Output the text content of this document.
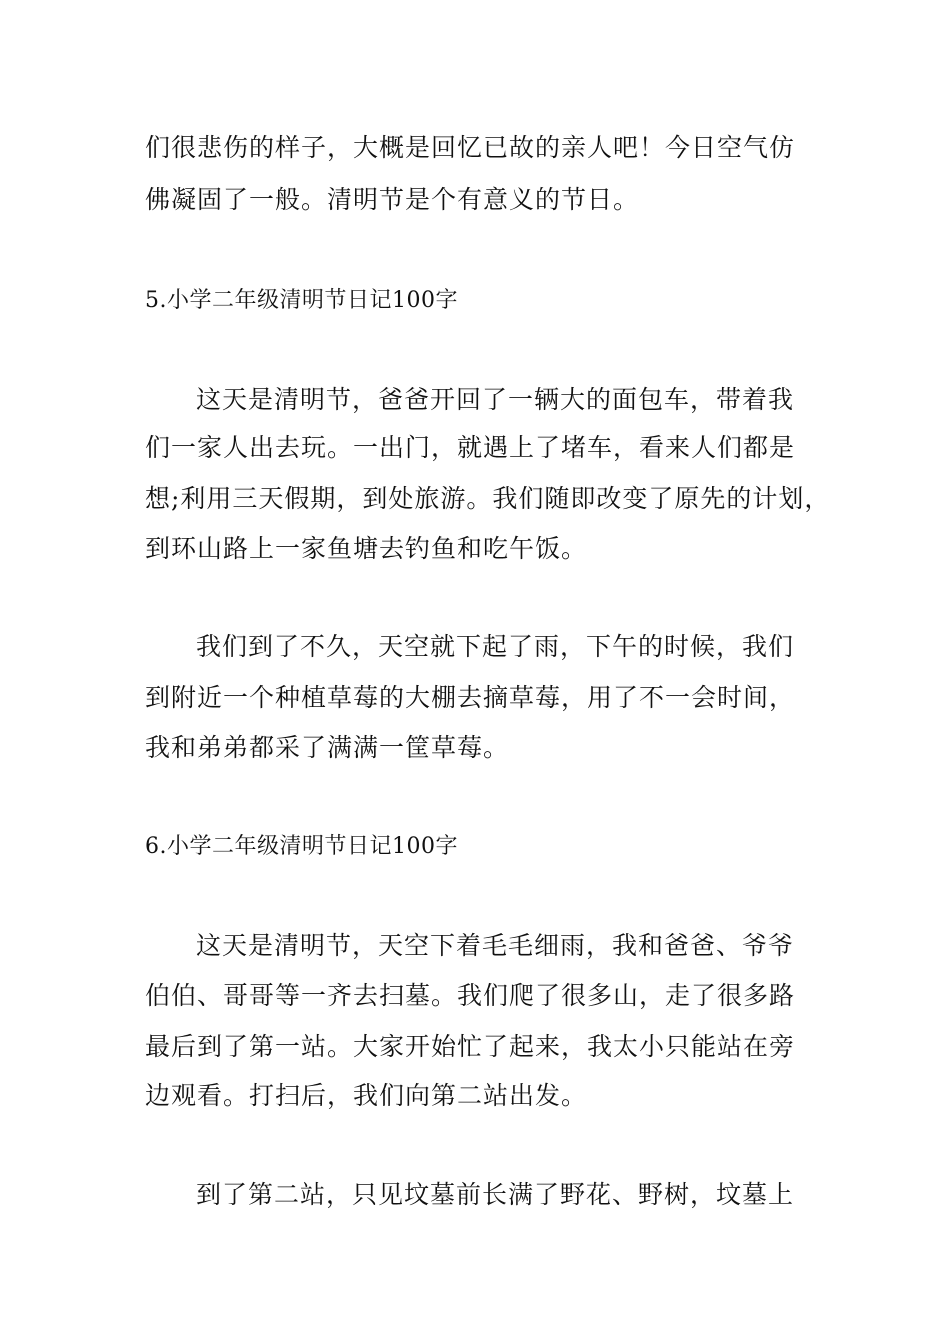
们很悲伤的样子，大概是回忆已故的亲人吧！今日空气仿
佛凝固了一般。清明节是个有意义的节日。
5.小学二年级清明节日记100字
这天是清明节，爸爸开回了一辆大的面包车，带着我
们一家人出去玩。一出门，就遇上了堵车，看来人们都是
想;利用三天假期，到处旅游。我们随即改变了原先的计划，
到环山路上一家鱼塘去钓鱼和吃午饭。
我们到了不久，天空就下起了雨，下午的时候，我们
到附近一个种植草莓的大棚去摘草莓，用了不一会时间，
我和弟弟都采了满满一筐草莓。
6.小学二年级清明节日记100字
这天是清明节，天空下着毛毛细雨，我和爸爸、爷爷
伯伯、哥哥等一齐去扫墓。我们爬了很多山，走了很多路
最后到了第一站。大家开始忙了起来，我太小只能站在旁
边观看。打扫后，我们向第二站出发。
到了第二站，只见坟墓前长满了野花、野树，坟墓上
